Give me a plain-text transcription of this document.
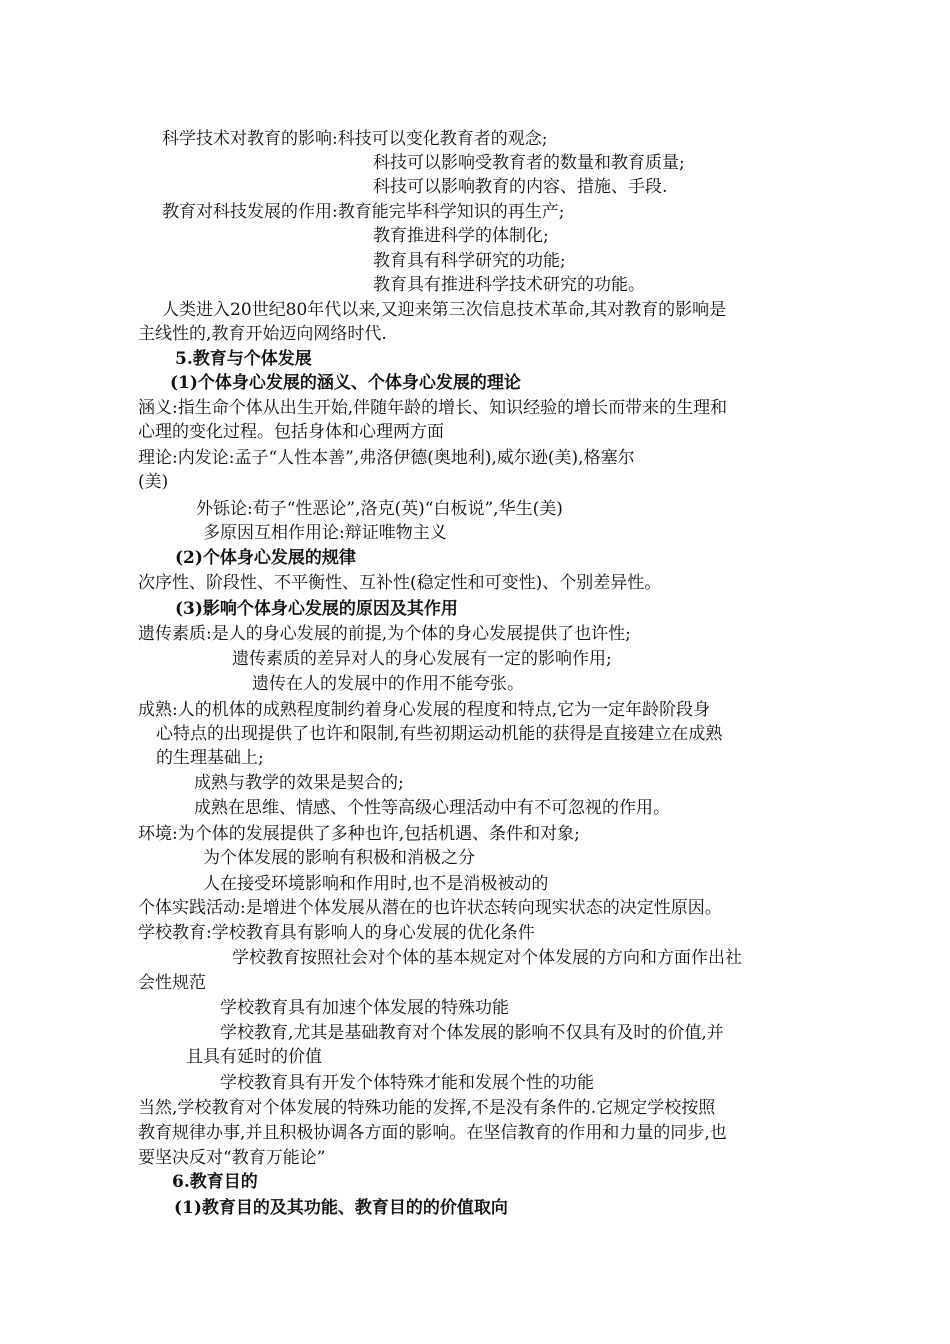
科学技术对教育的影响:科技可以变化教育者的观念;
科技可以影响受教育者的数量和教育质量;
科技可以影响教育的内容、措施、手段.
教育对科技发展的作用:教育能完毕科学知识的再生产;
教育推进科学的体制化;
教育具有科学研究的功能;
教育具有推进科学技术研究的功能。
人类进入20世纪80年代以来,又迎来第三次信息技术革命,其对教育的影响是
主线性的,教育开始迈向网络时代.
5.教育与个体发展
(1)个体身心发展的涵义、个体身心发展的理论
涵义:指生命个体从出生开始,伴随年龄的增长、知识经验的增长而带来的生理和
心理的变化过程。包括身体和心理两方面
理论:内发论:孟子“人性本善”,弗洛伊德(奥地利),威尔逊(美),格塞尔
(美)
外铄论:荀子“性恶论”,洛克(英)“白板说”,华生(美)
多原因互相作用论:辩证唯物主义
(2)个体身心发展的规律
次序性、阶段性、不平衡性、互补性(稳定性和可变性)、个别差异性。
(3)影响个体身心发展的原因及其作用
遗传素质:是人的身心发展的前提,为个体的身心发展提供了也许性;
遗传素质的差异对人的身心发展有一定的影响作用;
遗传在人的发展中的作用不能夸张。
成熟:人的机体的成熟程度制约着身心发展的程度和特点,它为一定年龄阶段身
心特点的出现提供了也许和限制,有些初期运动机能的获得是直接建立在成熟
的生理基础上;
成熟与教学的效果是契合的;
成熟在思维、情感、个性等高级心理活动中有不可忽视的作用。
环境:为个体的发展提供了多种也许,包括机遇、条件和对象;
为个体发展的影响有积极和消极之分
人在接受环境影响和作用时,也不是消极被动的
个体实践活动:是增进个体发展从潜在的也许状态转向现实状态的决定性原因。
学校教育:学校教育具有影响人的身心发展的优化条件
学校教育按照社会对个体的基本规定对个体发展的方向和方面作出社
会性规范
学校教育具有加速个体发展的特殊功能
学校教育,尤其是基础教育对个体发展的影响不仅具有及时的价值,并
且具有延时的价值
学校教育具有开发个体特殊才能和发展个性的功能
当然,学校教育对个体发展的特殊功能的发挥,不是没有条件的.它规定学校按照
教育规律办事,并且积极协调各方面的影响。在坚信教育的作用和力量的同步,也
要坚决反对“教育万能论”
6.教育目的
(1)教育目的及其功能、教育目的的价值取向
